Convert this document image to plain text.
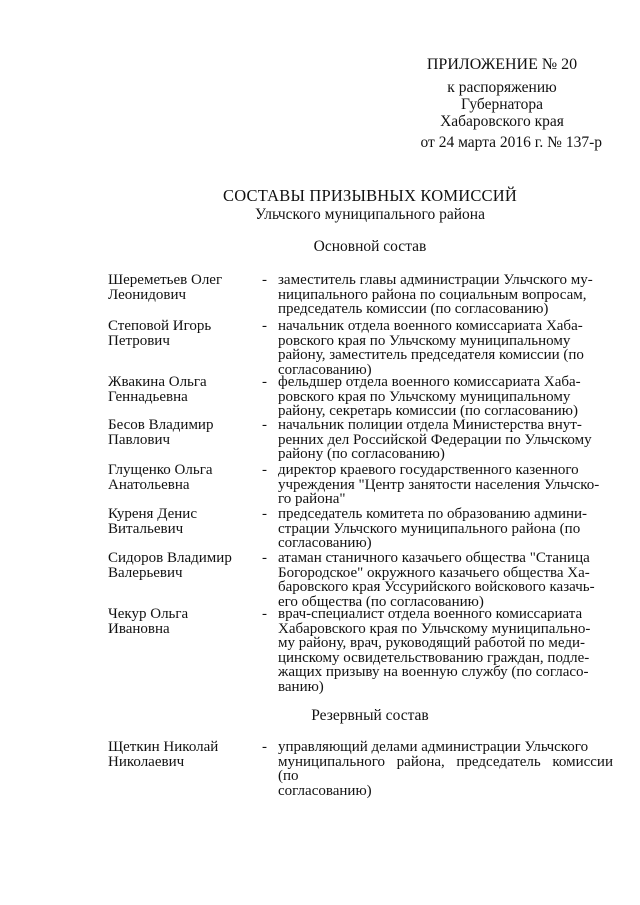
ПРИЛОЖЕНИЕ № 20
к распоряжению
Губернатора
Хабаровского края
от 24 марта 2016 г. № 137-р
СОСТАВЫ ПРИЗЫВНЫХ КОМИССИЙ
Ульчского муниципального района
Основной состав
Шереметьев Олег
Леонидович
- заместитель главы администрации Ульчского му-
ниципального района по социальным вопросам,
председатель комиссии (по согласованию)
Степовой Игорь
Петрович
- начальник отдела военного комиссариата Хаба-
ровского края по Ульчскому муниципальному
району, заместитель председателя комиссии (по
согласованию)
Жвакина Ольга
Геннадьевна
- фельдшер отдела военного комиссариата Хаба-
ровского края по Ульчскому муниципальному
району, секретарь комиссии (по согласованию)
Бесов Владимир
Павлович
- начальник полиции отдела Министерства внут-
ренних дел Российской Федерации по Ульчскому
району (по согласованию)
Глущенко Ольга
Анатольевна
- директор краевого государственного казенного
учреждения "Центр занятости населения Ульчско-
го района"
Куреня Денис
Витальевич
- председатель комитета по образованию админи-
страции Ульчского муниципального района (по
согласованию)
Сидоров Владимир
Валерьевич
- атаман станичного казачьего общества "Станица
Богородское" окружного казачьего общества Ха-
баровского края Уссурийского войскового казачь-
его общества (по согласованию)
Чекур Ольга
Ивановна
- врач-специалист отдела военного комиссариата
Хабаровского края по Ульчскому муниципально-
му району, врач, руководящий работой по меди-
цинскому освидетельствованию граждан, подле-
жащих призыву на военную службу (по согласо-
ванию)
Резервный состав
Щеткин Николай
Николаевич
- управляющий делами администрации Ульчского
муниципального района, председатель комиссии (по
согласованию)
